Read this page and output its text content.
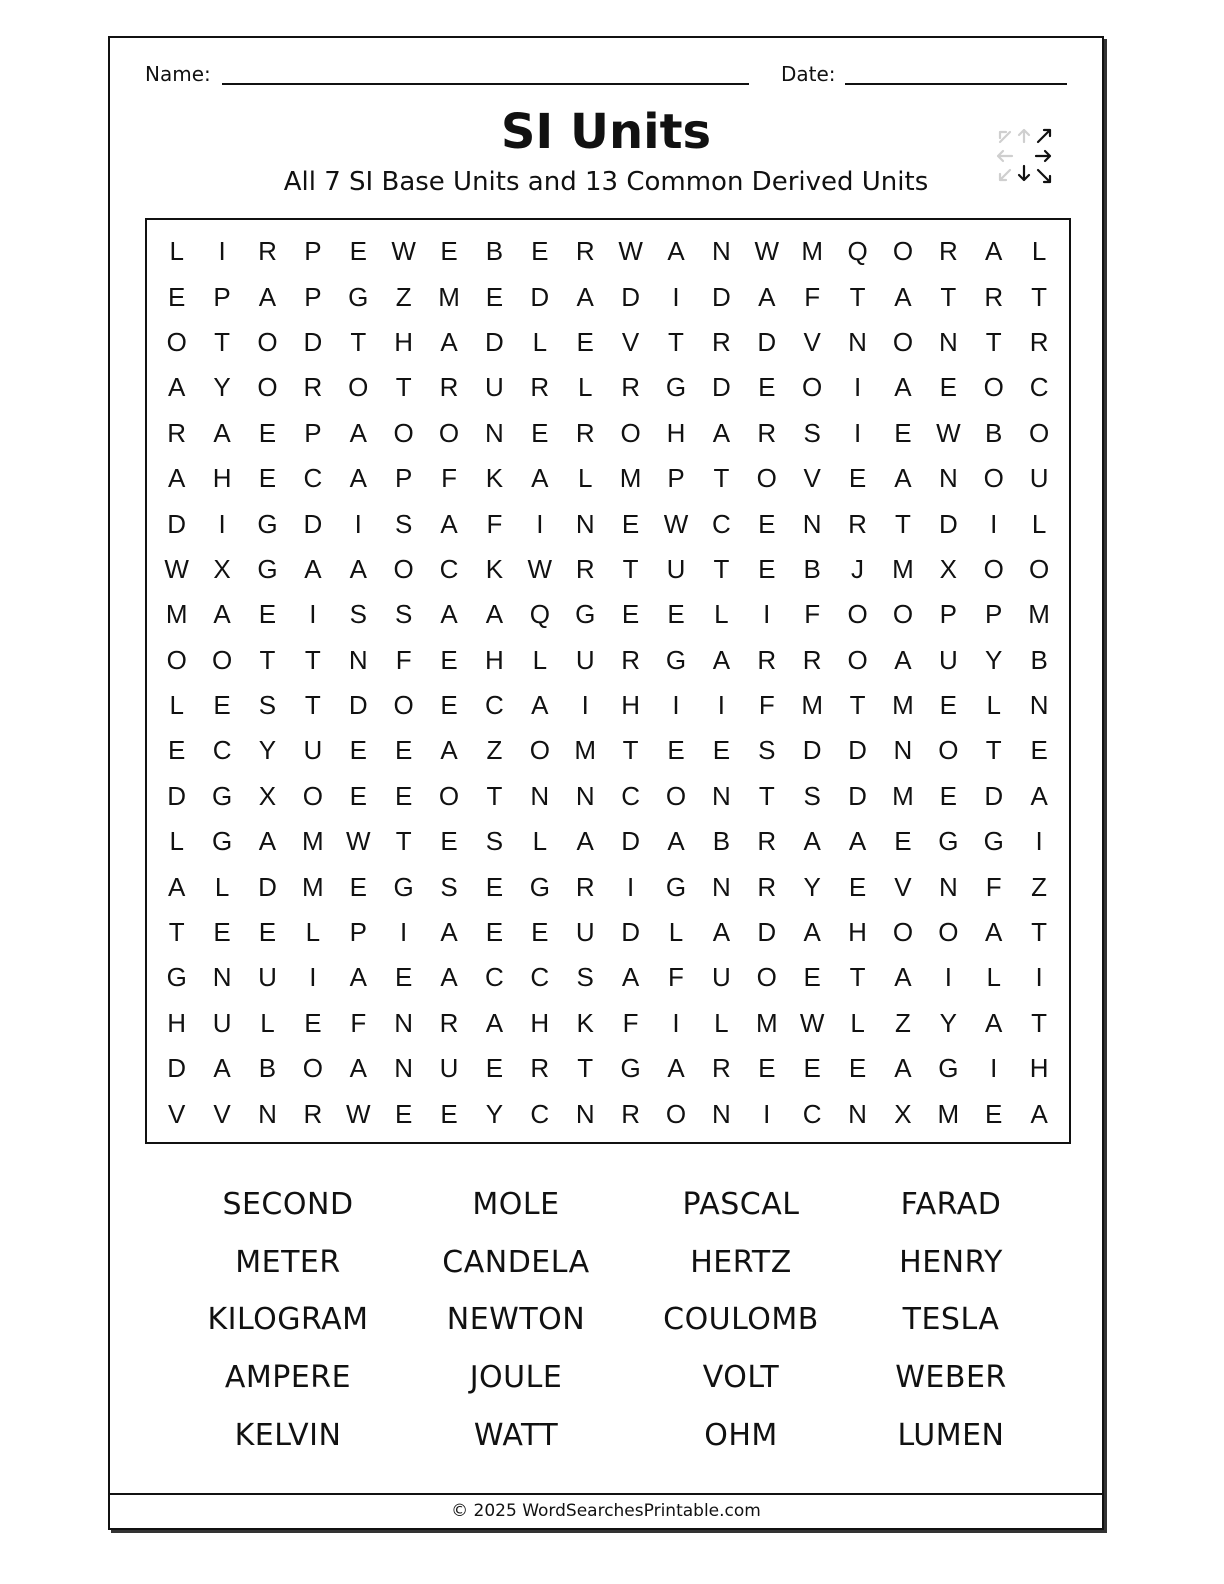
Name:	Date:
SI Units
All 7 SI Base Units and 13 Common Derived Units
L	I	R	P	E W E	B	E	R W A	N W M Q O R	A	L
E	P	A	P	G	Z	M E	D	A	D	I	D	A	F	T	A	T	R	T
O	T	O D	T	H	A	D	L	E	V	T	R	D	V	N O N	T	R
A	Y	O R O	T	R	U	R	L	R G D	E	O	I	A	E	O C
R	A	E	P	A	O O N	E	R O H	A	R	S	I	E W B	O
A	H	E	C	A	P	F	K	A	L	M P	T	O	V	E	A	N O U
D	I	G D	I	S	A	F	I	N	E W C	E	N	R	T	D	I	L
W X	G	A	A	O C	K W R	T	U	T	E	B	J	M X	O O
M A	E	I	S	S	A	A	Q G	E	E	L	I	F	O O	P	P M
O O	T	T	N	F	E	H	L	U	R G	A	R	R O	A	U	Y	B
L	E	S	T	D O	E	C	A	I	H	I	I	F	M	T	M E	L	N
E	C	Y	U	E	E	A	Z	O M	T	E	E	S	D	D	N O	T	E
D G	X	O	E	E	O	T	N	N	C O N	T	S	D M E	D	A
L	G	A M W T	E	S	L	A	D	A	B	R	A	A	E	G G	I
A	L	D M E	G	S	E	G R	I	G N	R	Y	E	V	N	F	Z
T	E	E	L	P	I	A	E	E	U	D	L	A	D	A	H O O	A	T
G N	U	I	A	E	A	C	C	S	A	F	U O	E	T	A	I	L	I
H	U	L	E	F	N	R	A	H	K	F	I	L	M W L	Z	Y	A	T
D	A	B	O	A	N	U	E	R	T	G	A	R	E	E	E	A	G	I	H
V	V	N	R W E	E	Y	C	N	R O N	I	C	N	X M E	A
SECOND	MOLE	PASCAL	FARAD
METER	CANDELA	HERTZ	HENRY
KILOGRAM	NEWTON	COULOMB	TESLA
AMPERE	JOULE	VOLT	WEBER
KELVIN	WATT	OHM	LUMEN
© 2025 WordSearchesPrintable.com
